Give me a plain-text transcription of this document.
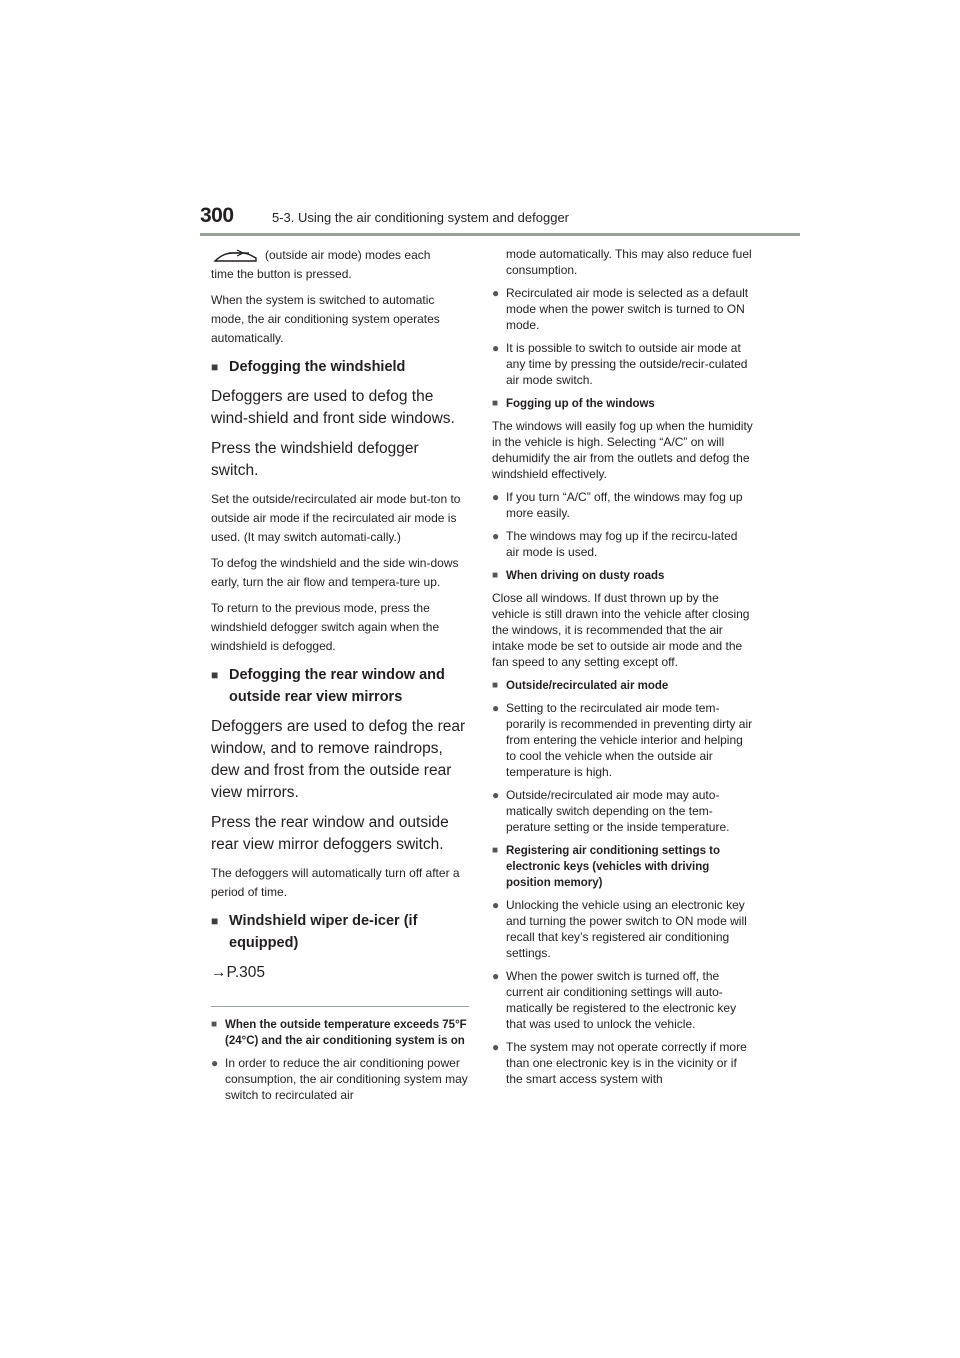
300	5-3. Using the air conditioning system and defogger
(outside air mode) modes each

time the button is pressed.

When the system is switched to automatic mode, the air conditioning system operates automatically.

■ Defogging the windshield

Defoggers are used to defog the wind-shield and front side windows.

Press the windshield defogger switch.

Set the outside/recirculated air mode but-ton to outside air mode if the recirculated air mode is used. (It may switch automati-cally.)

To defog the windshield and the side win-dows early, turn the air flow and tempera-ture up.

To return to the previous mode, press the windshield defogger switch again when the windshield is defogged.

■ Defogging the rear window and outside rear view mirrors

Defoggers are used to defog the rear window, and to remove raindrops, dew and frost from the outside rear view mirrors.

Press the rear window and outside rear view mirror defoggers switch.

The defoggers will automatically turn off after a period of time.

■ Windshield wiper de-icer (if equipped)

→P.305

■ When the outside temperature exceeds 75°F (24°C) and the air conditioning system is on
● In order to reduce the air conditioning power consumption, the air conditioning system may switch to recirculated air

mode automatically. This may also reduce fuel consumption.

● Recirculated air mode is selected as a default mode when the power switch is turned to ON mode.
● It is possible to switch to outside air mode at any time by pressing the outside/recir-culated air mode switch.
■ Fogging up of the windows

The windows will easily fog up when the humidity in the vehicle is high. Selecting “A/C” on will dehumidify the air from the outlets and defog the windshield effectively.

● If you turn “A/C” off, the windows may fog up more easily.
● The windows may fog up if the recircu-lated air mode is used.
■ When driving on dusty roads

Close all windows. If dust thrown up by the vehicle is still drawn into the vehicle after closing the windows, it is recommended that the air intake mode be set to outside air mode and the fan speed to any setting except off.

■ Outside/recirculated air mode
● Setting to the recirculated air mode tem-porarily is recommended in preventing dirty air from entering the vehicle interior and helping to cool the vehicle when the outside air temperature is high.
● Outside/recirculated air mode may auto-matically switch depending on the tem-perature setting or the inside temperature.
■ Registering air conditioning settings to electronic keys (vehicles with driving position memory)
● Unlocking the vehicle using an electronic key and turning the power switch to ON mode will recall that key’s registered air conditioning settings.
● When the power switch is turned off, the current air conditioning settings will auto-matically be registered to the electronic key that was used to unlock the vehicle.
● The system may not operate correctly if more than one electronic key is in the vicinity or if the smart access system with
